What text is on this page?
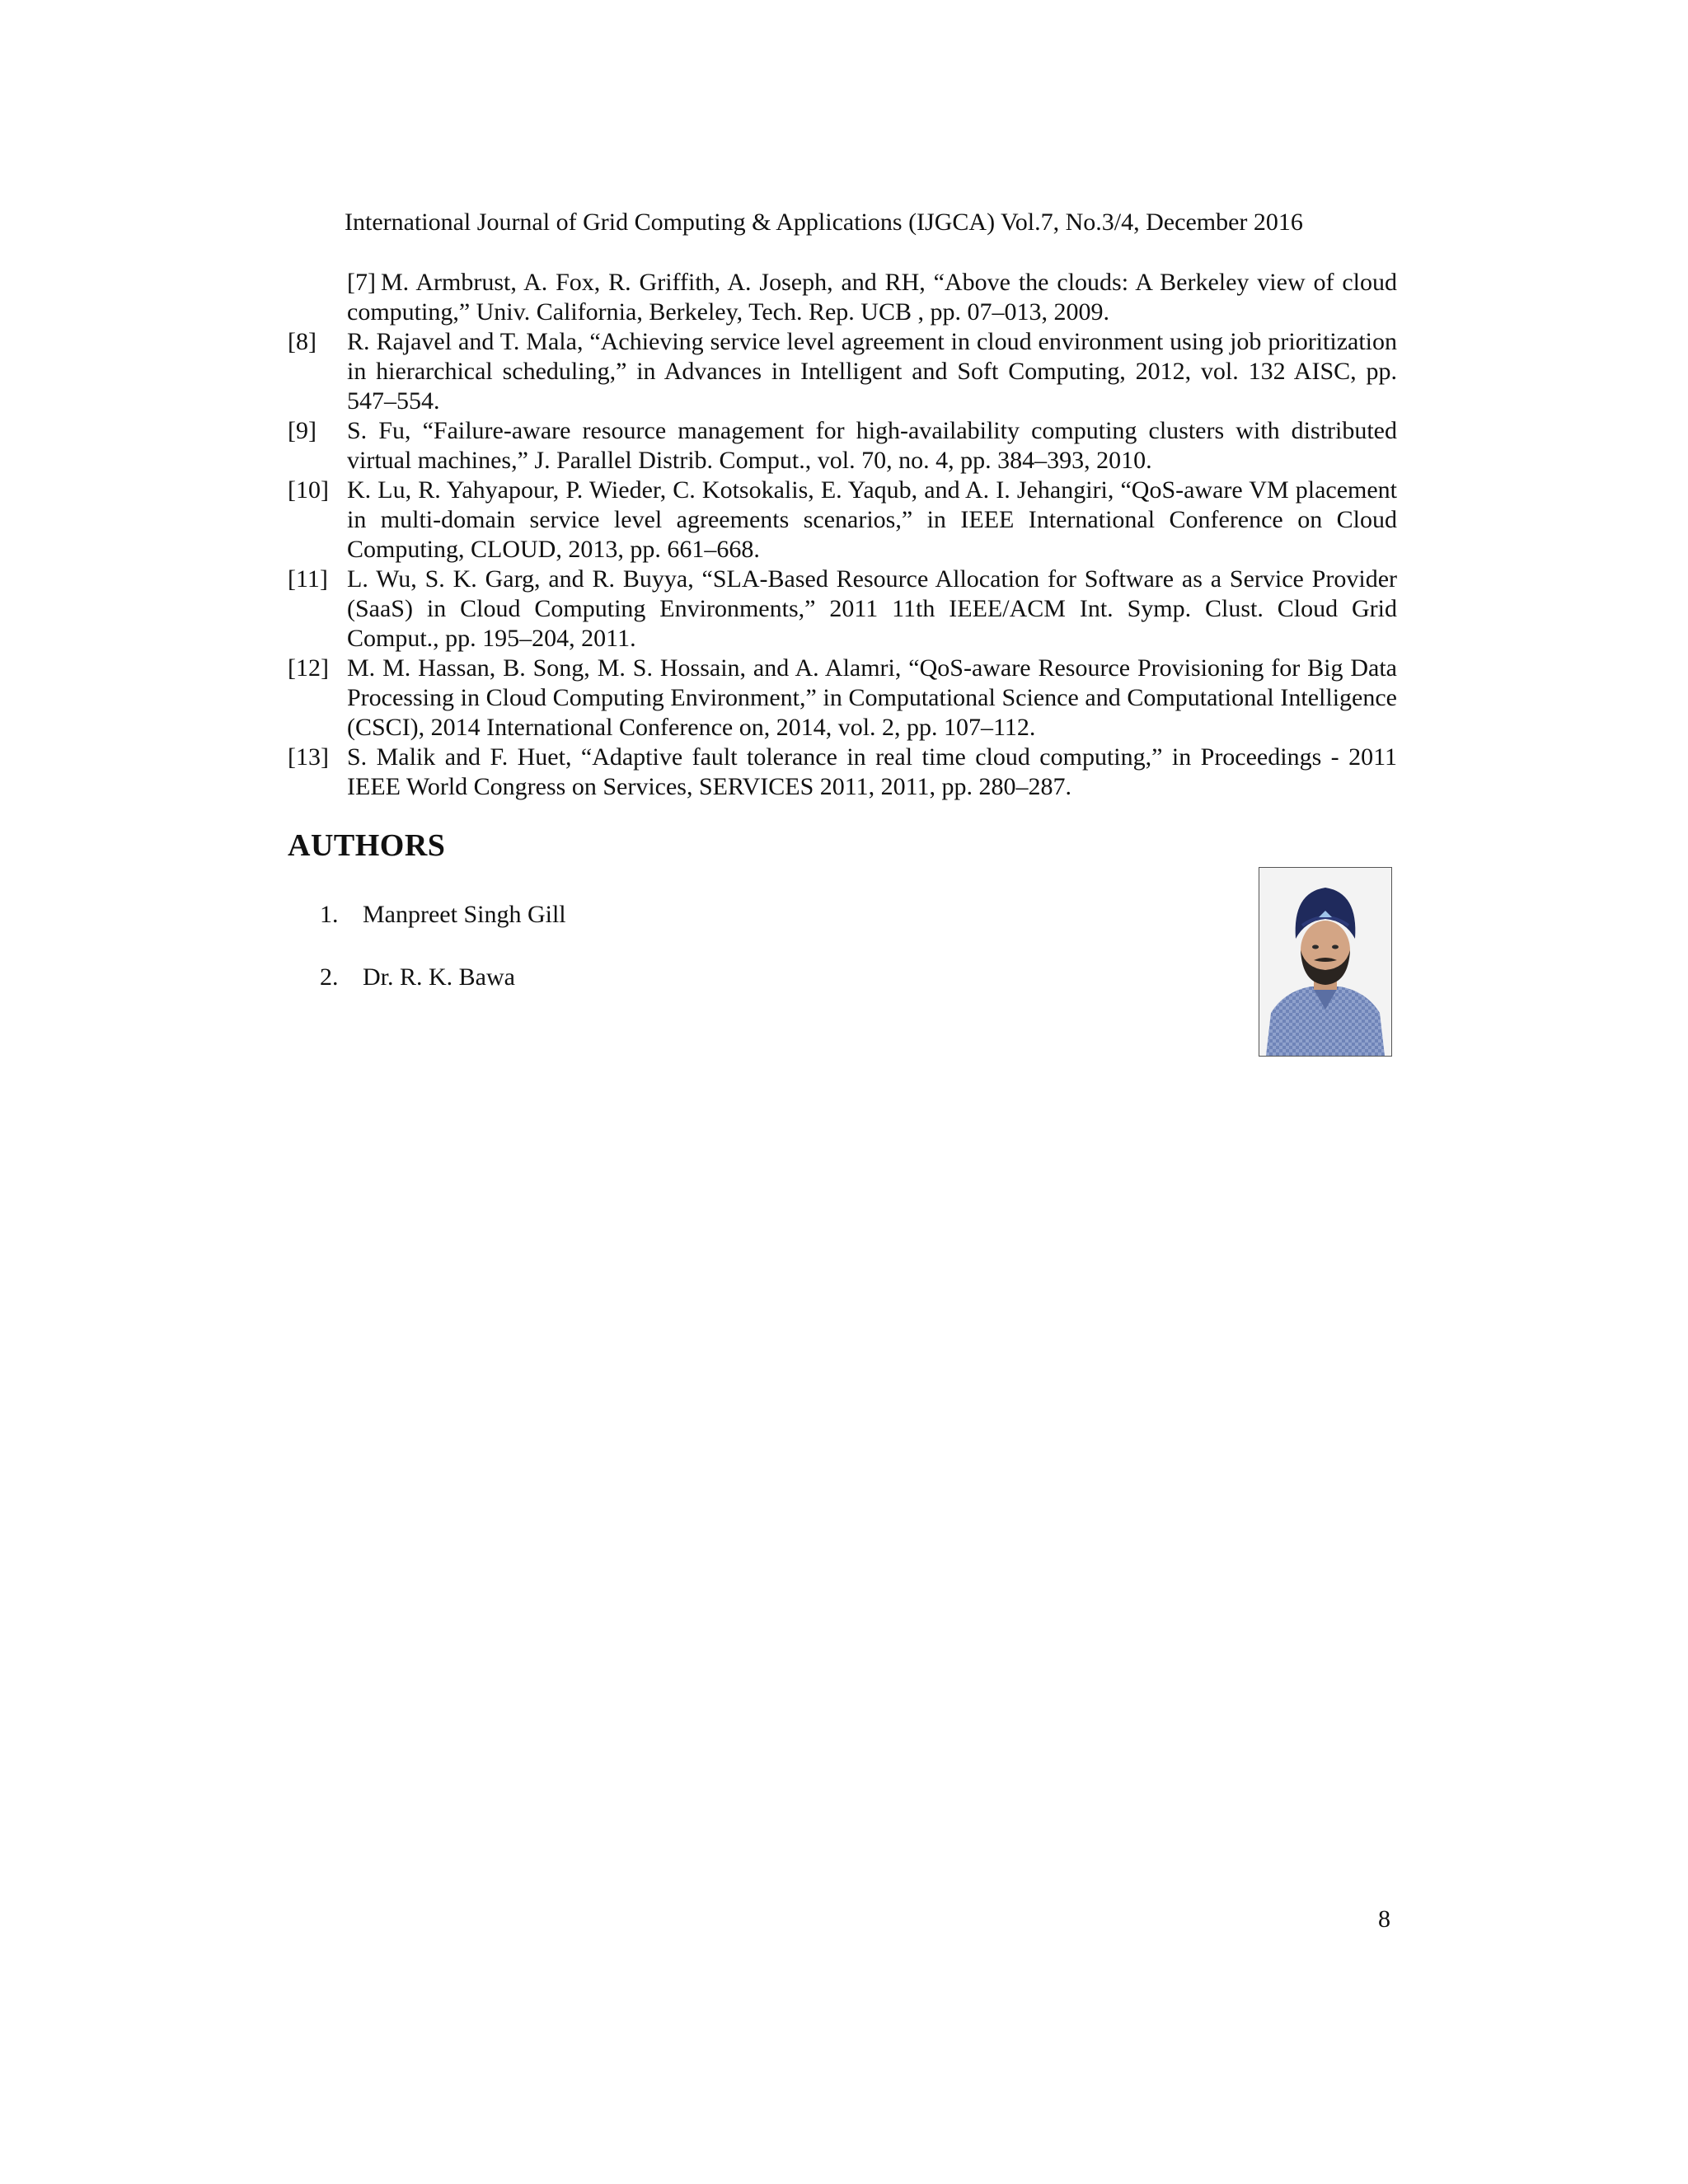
International Journal of Grid Computing & Applications (IJGCA) Vol.7, No.3/4, December 2016
[7] M. Armbrust, A. Fox, R. Griffith, A. Joseph, and RH, “Above the clouds: A Berkeley view of cloud computing,” Univ. California, Berkeley, Tech. Rep. UCB , pp. 07–013, 2009.
[8] R. Rajavel and T. Mala, “Achieving service level agreement in cloud environment using job prioritization in hierarchical scheduling,” in Advances in Intelligent and Soft Computing, 2012, vol. 132 AISC, pp. 547–554.
[9] S. Fu, “Failure-aware resource management for high-availability computing clusters with distributed virtual machines,” J. Parallel Distrib. Comput., vol. 70, no. 4, pp. 384–393, 2010.
[10] K. Lu, R. Yahyapour, P. Wieder, C. Kotsokalis, E. Yaqub, and A. I. Jehangiri, “QoS-aware VM placement in multi-domain service level agreements scenarios,” in IEEE International Conference on Cloud Computing, CLOUD, 2013, pp. 661–668.
[11] L. Wu, S. K. Garg, and R. Buyya, “SLA-Based Resource Allocation for Software as a Service Provider (SaaS) in Cloud Computing Environments,” 2011 11th IEEE/ACM Int. Symp. Clust. Cloud Grid Comput., pp. 195–204, 2011.
[12] M. M. Hassan, B. Song, M. S. Hossain, and A. Alamri, “QoS-aware Resource Provisioning for Big Data Processing in Cloud Computing Environment,” in Computational Science and Computational Intelligence (CSCI), 2014 International Conference on, 2014, vol. 2, pp. 107–112.
[13] S. Malik and F. Huet, “Adaptive fault tolerance in real time cloud computing,” in Proceedings - 2011 IEEE World Congress on Services, SERVICES 2011, 2011, pp. 280–287.
AUTHORS
1. Manpreet Singh Gill
2. Dr. R. K. Bawa
8
